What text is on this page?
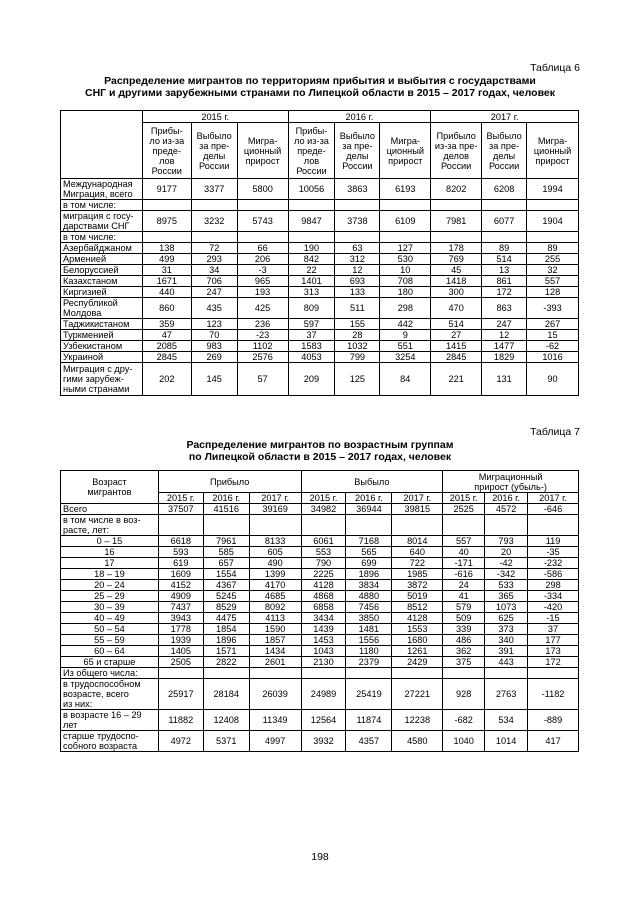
Таблица 6
Распределение мигрантов по территориям прибытия и выбытия с государствами
СНГ и другими зарубежными странами по Липецкой области в 2015 – 2017 годах, человек
	2015 г.			2016 г.			2017 г.		
	Прибы-
ло из-за
преде-
лов
России	Выбыло
за пре-
делы
России	Мигра-
ционный
прирост	Прибы-
ло из-за
преде-
лов
России	Выбыло
за пре-
делы
России	Мигра-
ционный
прирост	Прибыло
из-за пре-
делов
России	Выбыло
за пре-
делы
России	Мигра-
ционный
прирост
Международная
Миграция, всего	9177	3377	5800	10056	3863	6193	8202	6208	1994
в том числе:									
миграция с госу-
дарствами СНГ	8975	3232	5743	9847	3738	6109	7981	6077	1904
в том числе:									
Азербайджаном	138	72	66	190	63	127	178	89	89
Арменией	499	293	206	842	312	530	769	514	255
Белоруссией	31	34	-3	22	12	10	45	13	32
Казахстаном	1671	706	965	1401	693	708	1418	861	557
Киргизией	440	247	193	313	133	180	300	172	128
Республикой
Молдова	860	435	425	809	511	298	470	863	-393
Таджикистаном	359	123	236	597	155	442	514	247	267
Туркменией	47	70	-23	37	28	9	27	12	15
Узбекистаном	2085	983	1102	1583	1032	551	1415	1477	-62
Украиной	2845	269	2576	4053	799	3254	2845	1829	1016
Миграция с дру-
гими зарубеж-
ными странами	202	145	57	209	125	84	221	131	90
Таблица 7
Распределение мигрантов по возрастным группам
по Липецкой области в 2015 – 2017 годах, человек
Возраст
мигрантов	Прибыло			Выбыло			Миграционный
прирост (убыль-)		
	2015 г.	2016 г.	2017 г.	2015 г.	2016 г.	2017 г.	2015 г.	2016 г.	2017 г.
Всего	37507	41516	39169	34982	36944	39815	2525	4572	-646
в том числе в воз-
расте, лет:									
0 – 15	6618	7961	8133	6061	7168	8014	557	793	119
16	593	585	605	553	565	640	40	20	-35
17	619	657	490	790	699	722	-171	-42	-232
18 – 19	1609	1554	1399	2225	1896	1985	-616	-342	-586
20 – 24	4152	4367	4170	4128	3834	3872	24	533	298
25 – 29	4909	5245	4685	4868	4880	5019	41	365	-334
30 – 39	7437	8529	8092	6858	7456	8512	579	1073	-420
40 – 49	3943	4475	4113	3434	3850	4128	509	625	-15
50 – 54	1778	1854	1590	1439	1481	1553	339	373	37
55 – 59	1939	1896	1857	1453	1556	1680	486	340	177
60 – 64	1405	1571	1434	1043	1180	1261	362	391	173
65 и старше	2505	2822	2601	2130	2379	2429	375	443	172
Из общего числа:									
в трудоспособном
возрасте, всего
из них:	25917	28184	26039	24989	25419	27221	928	2763	-1182
в возрасте 16 – 29
лет	11882	12408	11349	12564	11874	12238	-682	534	-889
старше трудоспо-
собного возраста	4972	5371	4997	3932	4357	4580	1040	1014	417
198
